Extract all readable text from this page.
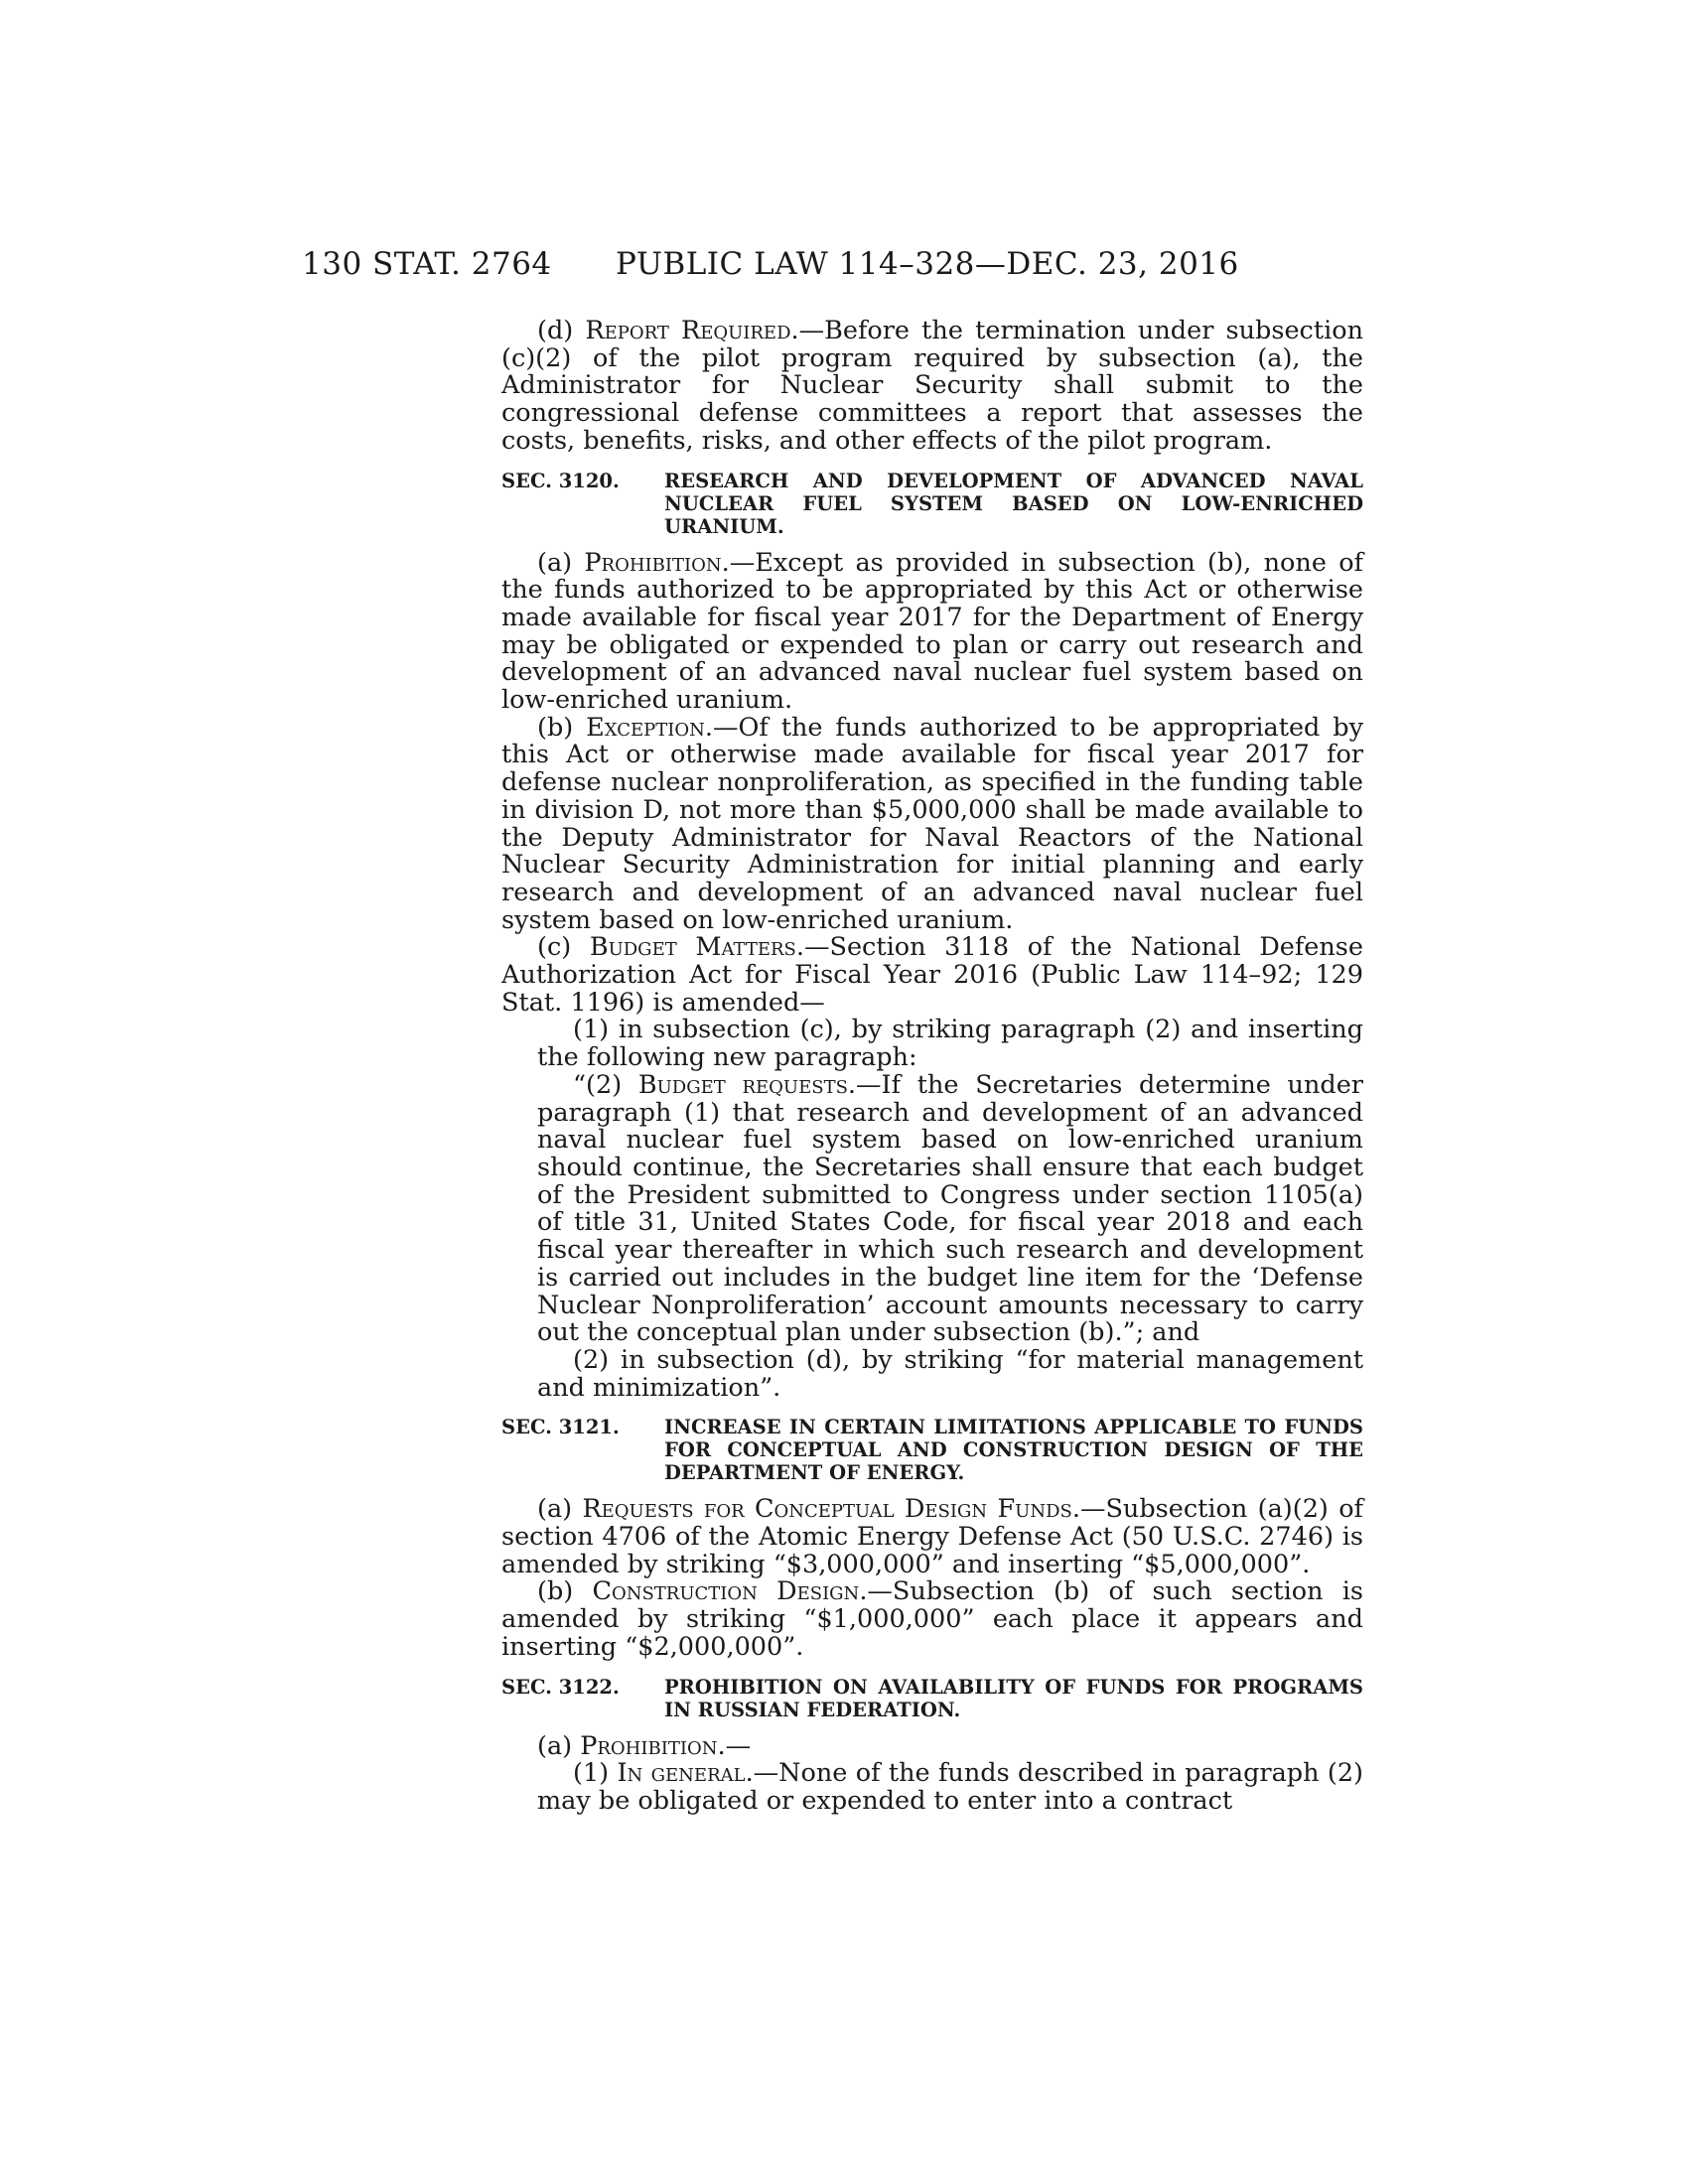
130 STAT. 2764 PUBLIC LAW 114–328—DEC. 23, 2016

(d) Report Required.—Before the termination under subsection (c)(2) of the pilot program required by subsection (a), the Administrator for Nuclear Security shall submit to the congressional defense committees a report that assesses the costs, benefits, risks, and other effects of the pilot program.

SEC. 3120.	RESEARCH AND DEVELOPMENT OF ADVANCED NAVAL NUCLEAR FUEL SYSTEM BASED ON LOW-ENRICHED URANIUM.

(a) Prohibition.—Except as provided in subsection (b), none of the funds authorized to be appropriated by this Act or otherwise made available for fiscal year 2017 for the Department of Energy may be obligated or expended to plan or carry out research and development of an advanced naval nuclear fuel system based on low-enriched uranium.

(b) Exception.—Of the funds authorized to be appropriated by this Act or otherwise made available for fiscal year 2017 for defense nuclear nonproliferation, as specified in the funding table in division D, not more than $5,000,000 shall be made available to the Deputy Administrator for Naval Reactors of the National Nuclear Security Administration for initial planning and early research and development of an advanced naval nuclear fuel system based on low-enriched uranium.

(c) Budget Matters.—Section 3118 of the National Defense Authorization Act for Fiscal Year 2016 (Public Law 114–92; 129 Stat. 1196) is amended—

(1) in subsection (c), by striking paragraph (2) and inserting the following new paragraph:

“(2) Budget requests.—If the Secretaries determine under paragraph (1) that research and development of an advanced naval nuclear fuel system based on low-enriched uranium should continue, the Secretaries shall ensure that each budget of the President submitted to Congress under section 1105(a) of title 31, United States Code, for fiscal year 2018 and each fiscal year thereafter in which such research and development is carried out includes in the budget line item for the ‘Defense Nuclear Nonproliferation’ account amounts necessary to carry out the conceptual plan under subsection (b).”; and

(2) in subsection (d), by striking “for material management and minimization”.

SEC. 3121.	INCREASE IN CERTAIN LIMITATIONS APPLICABLE TO FUNDS FOR CONCEPTUAL AND CONSTRUCTION DESIGN OF THE DEPARTMENT OF ENERGY.

(a) Requests for Conceptual Design Funds.—Subsection (a)(2) of section 4706 of the Atomic Energy Defense Act (50 U.S.C. 2746) is amended by striking “$3,000,000” and inserting “$5,000,000”.

(b) Construction Design.—Subsection (b) of such section is amended by striking “$1,000,000” each place it appears and inserting “$2,000,000”.

SEC. 3122.	PROHIBITION ON AVAILABILITY OF FUNDS FOR PROGRAMS IN RUSSIAN FEDERATION.

(a) Prohibition.—

(1) In general.—None of the funds described in paragraph (2) may be obligated or expended to enter into a contract
